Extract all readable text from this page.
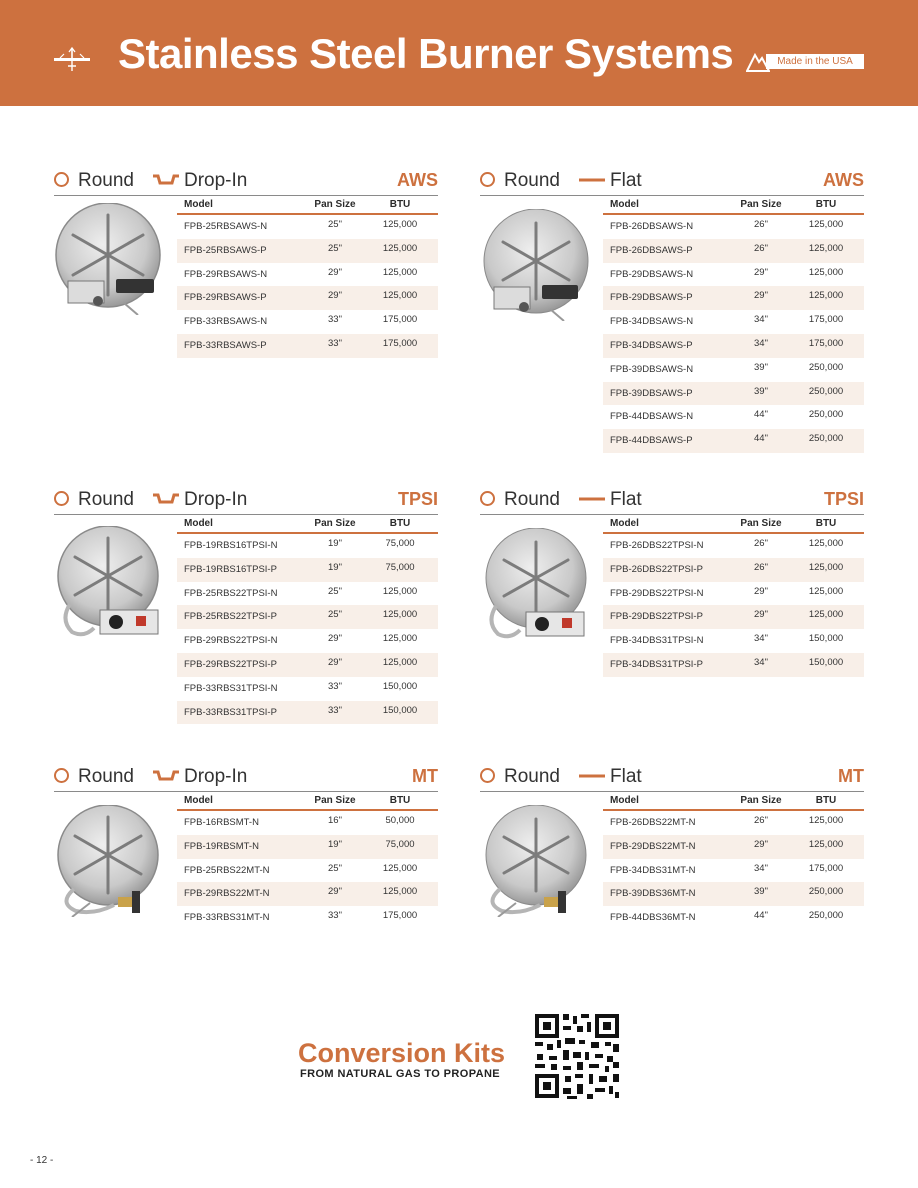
Stainless Steel Burner Systems	Made in the USA
Round	Drop-In	AWS
Model	Pan Size	BTU
FPB-25RBSAWS-N	25"	125,000
FPB-25RBSAWS-P	25"	125,000
FPB-29RBSAWS-N	29"	125,000
FPB-29RBSAWS-P	29"	125,000
FPB-33RBSAWS-N	33"	175,000
FPB-33RBSAWS-P	33"	175,000
Round	Flat	AWS
Model	Pan Size	BTU
FPB-26DBSAWS-N	26"	125,000
FPB-26DBSAWS-P	26"	125,000
FPB-29DBSAWS-N	29"	125,000
FPB-29DBSAWS-P	29"	125,000
FPB-34DBSAWS-N	34"	175,000
FPB-34DBSAWS-P	34"	175,000
FPB-39DBSAWS-N	39"	250,000
FPB-39DBSAWS-P	39"	250,000
FPB-44DBSAWS-N	44"	250,000
FPB-44DBSAWS-P	44"	250,000
Round	Drop-In	TPSI
Model	Pan Size	BTU
FPB-19RBS16TPSI-N	19"	75,000
FPB-19RBS16TPSI-P	19"	75,000
FPB-25RBS22TPSI-N	25"	125,000
FPB-25RBS22TPSI-P	25"	125,000
FPB-29RBS22TPSI-N	29"	125,000
FPB-29RBS22TPSI-P	29"	125,000
FPB-33RBS31TPSI-N	33"	150,000
FPB-33RBS31TPSI-P	33"	150,000
Round	Flat	TPSI
Model	Pan Size	BTU
FPB-26DBS22TPSI-N	26"	125,000
FPB-26DBS22TPSI-P	26"	125,000
FPB-29DBS22TPSI-N	29"	125,000
FPB-29DBS22TPSI-P	29"	125,000
FPB-34DBS31TPSI-N	34"	150,000
FPB-34DBS31TPSI-P	34"	150,000
Round	Drop-In	MT
Model	Pan Size	BTU
FPB-16RBSMT-N	16"	50,000
FPB-19RBSMT-N	19"	75,000
FPB-25RBS22MT-N	25"	125,000
FPB-29RBS22MT-N	29"	125,000
FPB-33RBS31MT-N	33"	175,000
Round	Flat	MT
Model	Pan Size	BTU
FPB-26DBS22MT-N	26"	125,000
FPB-29DBS22MT-N	29"	125,000
FPB-34DBS31MT-N	34"	175,000
FPB-39DBS36MT-N	39"	250,000
FPB-44DBS36MT-N	44"	250,000
Conversion Kits
FROM NATURAL GAS TO PROPANE
- 12 -
